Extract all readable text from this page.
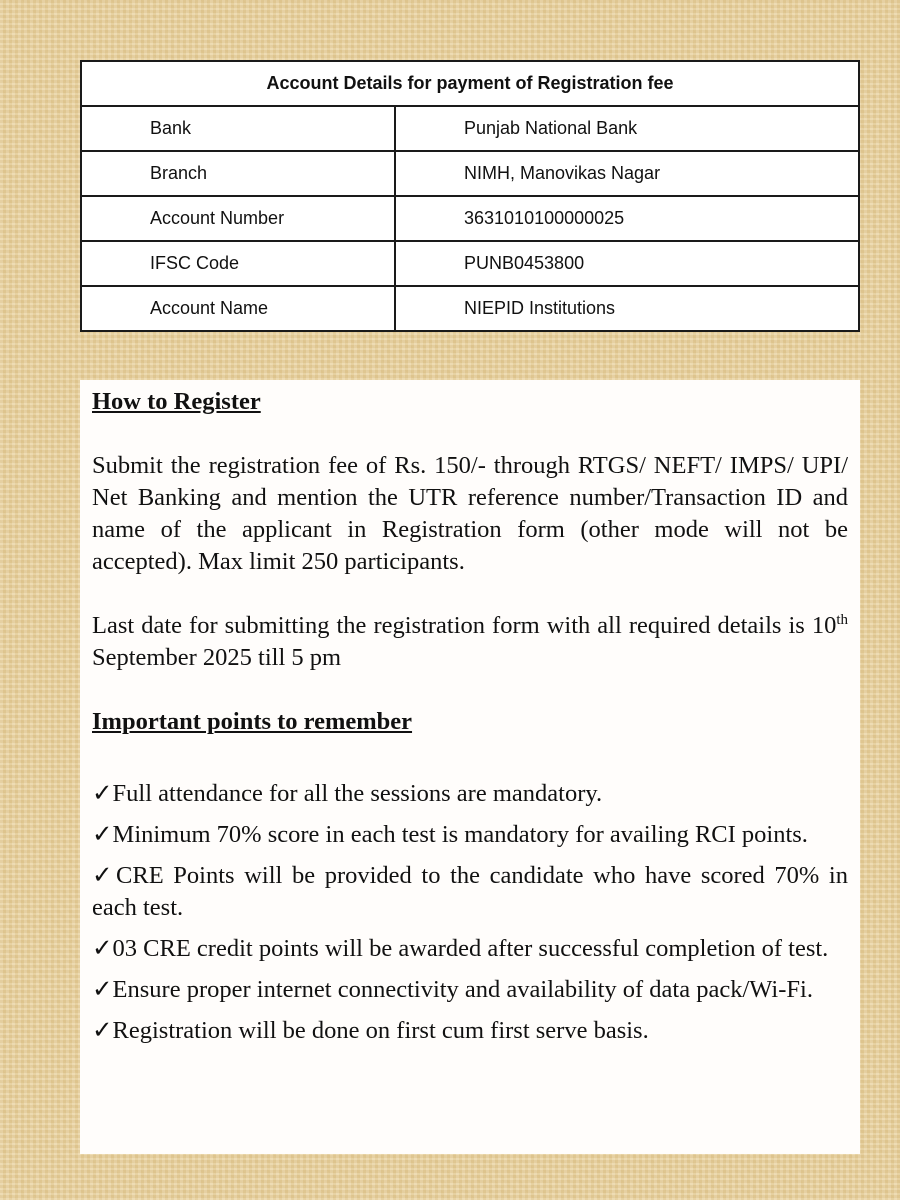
Account Details for payment of Registration fee	
Bank	Punjab National Bank
Branch	NIMH, Manovikas Nagar
Account Number	3631010100000025
IFSC Code	PUNB0453800
Account Name	NIEPID Institutions

How to Register

Submit the registration fee of Rs. 150/- through RTGS/ NEFT/ IMPS/ UPI/ Net Banking and mention the UTR reference number/Transaction ID and name of the applicant in Registration form (other mode will not be accepted). Max limit 250 participants.

Last date for submitting the registration form with all required details is 10th September 2025 till 5 pm

Important points to remember

✓Full attendance for all the sessions are mandatory.
✓Minimum 70% score in each test is mandatory for availing RCI points.
✓CRE Points will be provided to the candidate who have scored 70% in each test.
✓03 CRE credit points will be awarded after successful completion of test.
✓Ensure proper internet connectivity and availability of data pack/Wi-Fi.
✓Registration will be done on first cum first serve basis.
